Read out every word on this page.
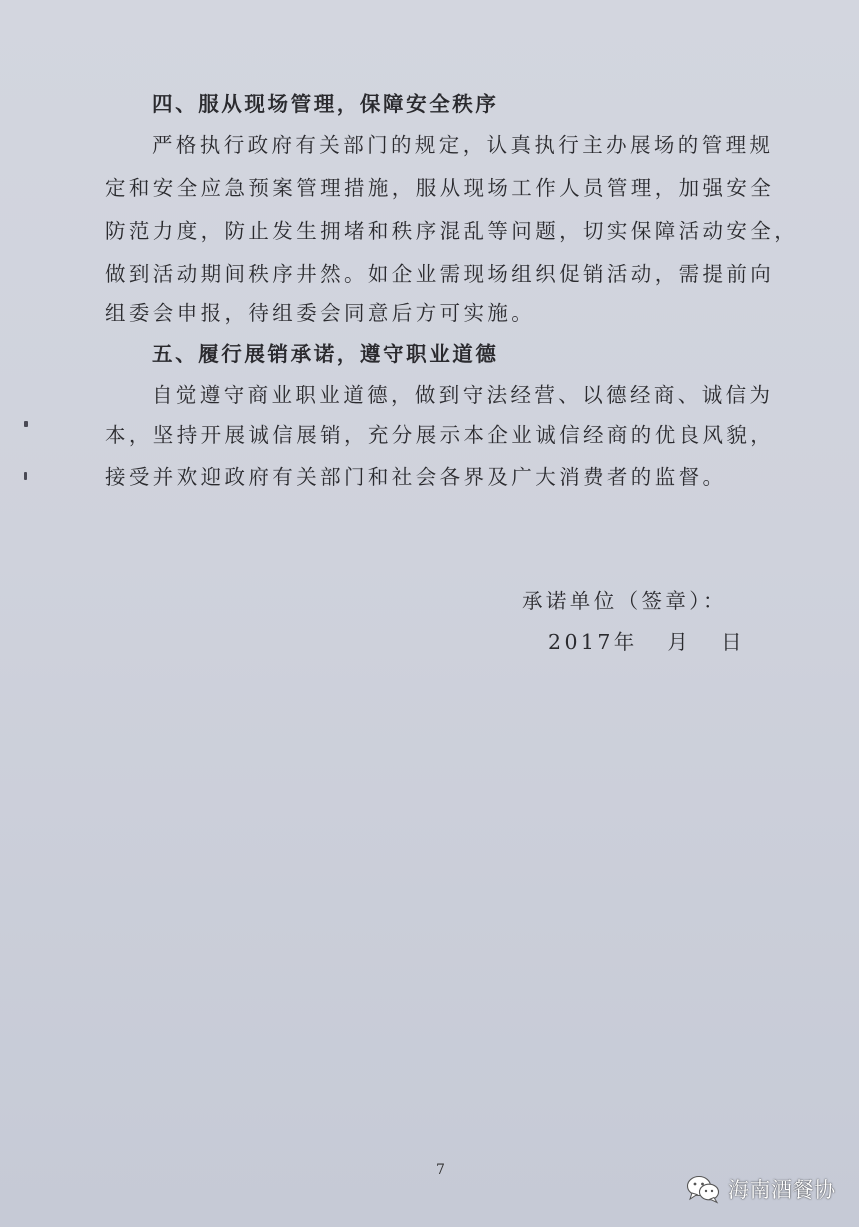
四、服从现场管理，保障安全秩序
严格执行政府有关部门的规定，认真执行主办展场的管理规
定和安全应急预案管理措施，服从现场工作人员管理，加强安全
防范力度，防止发生拥堵和秩序混乱等问题，切实保障活动安全，
做到活动期间秩序井然。如企业需现场组织促销活动，需提前向
组委会申报，待组委会同意后方可实施。
五、履行展销承诺，遵守职业道德
自觉遵守商业职业道德，做到守法经营、以德经商、诚信为
本，坚持开展诚信展销，充分展示本企业诚信经商的优良风貌，
接受并欢迎政府有关部门和社会各界及广大消费者的监督。
承诺单位（签章）：
2017年   月   日
7
海南酒餐协
